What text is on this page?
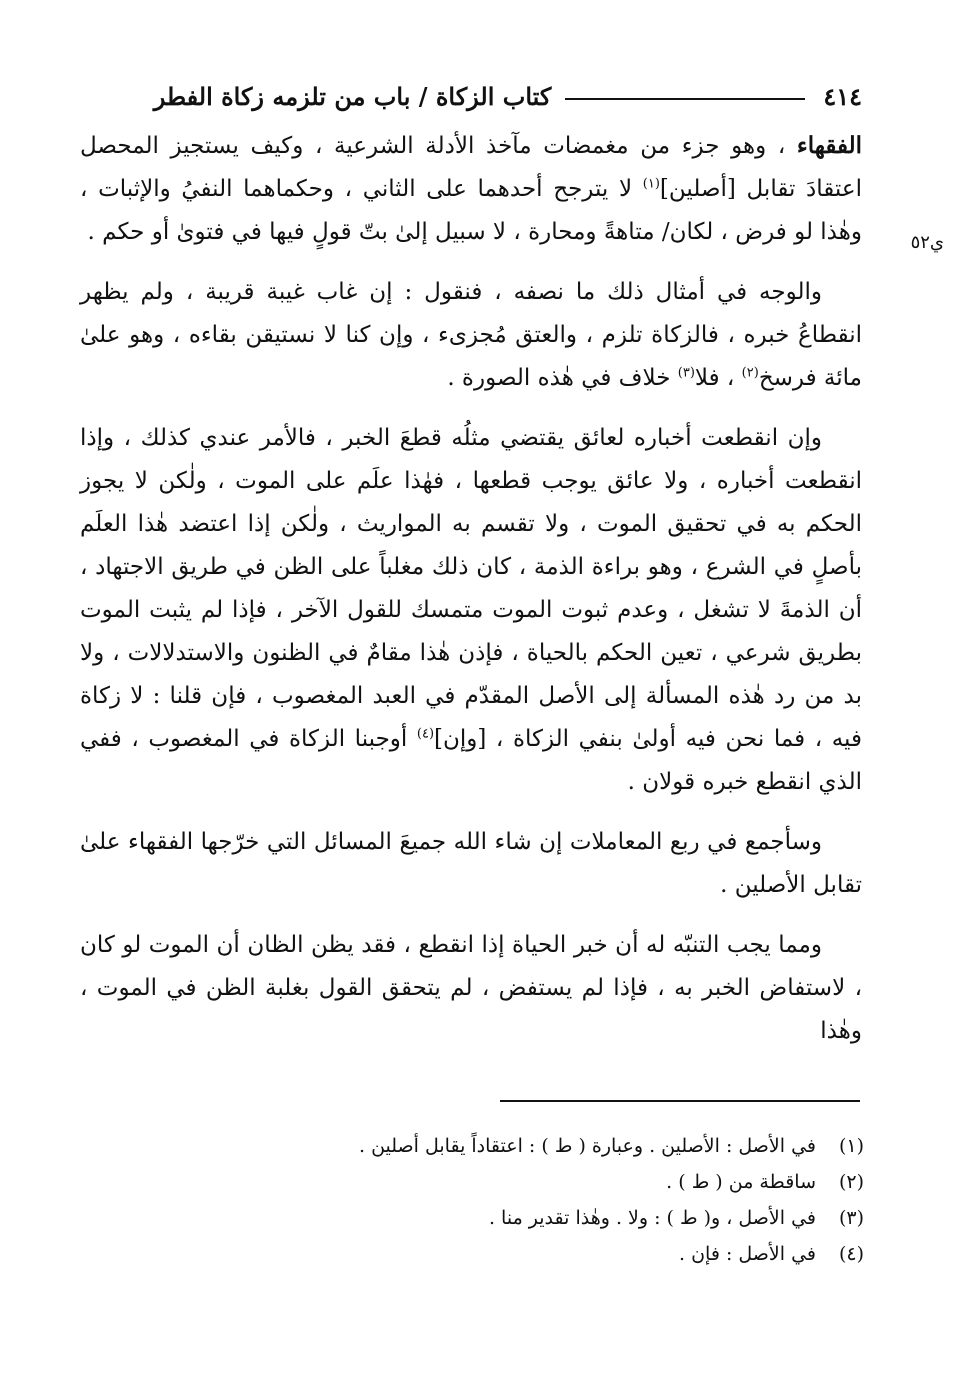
٤١٤
كتاب الزكاة / باب من تلزمه زكاة الفطر
ي٥٢

الفقهاء ، وهو جزء من مغمضات مآخذ الأدلة الشرعية ، وكيف يستجيز المحصل اعتقادَ تقابل [أصلين]$^{(١)}$ لا يترجح أحدهما على الثاني ، وحكماهما النفيُ والإثبات ، وهٰذا لو فرض ، لكان/ متاهةً ومحارة ، لا سبيل إلىٰ بتّ قولٍ فيها في فتوىٰ أو حكم .

والوجه في أمثال ذلك ما نصفه ، فنقول : إن غاب غيبة قريبة ، ولم يظهر انقطاعُ خبره ، فالزكاة تلزم ، والعتق مُجزىء ، وإن كنا لا نستيقن بقاءه ، وهو علىٰ مائة فرسخ$^{(٢)}$ ، فلا$^{(٣)}$ خلاف في هٰذه الصورة .

وإن انقطعت أخباره لعائق يقتضي مثلُه قطعَ الخبر ، فالأمر عندي كذلك ، وإذا انقطعت أخباره ، ولا عائق يوجب قطعها ، فهٰذا علَم على الموت ، ولٰكن لا يجوز الحكم به في تحقيق الموت ، ولا تقسم به المواريث ، ولٰكن إذا اعتضد هٰذا العلَم بأصلٍ في الشرع ، وهو براءة الذمة ، كان ذلك مغلباً على الظن في طريق الاجتهاد ، أن الذمةَ لا تشغل ، وعدم ثبوت الموت متمسك للقول الآخر ، فإذا لم يثبت الموت بطريق شرعي ، تعين الحكم بالحياة ، فإذن هٰذا مقامٌ في الظنون والاستدلالات ، ولا بد من رد هٰذه المسألة إلى الأصل المقدّم في العبد المغصوب ، فإن قلنا : لا زكاة فيه ، فما نحن فيه أولىٰ بنفي الزكاة ، [وإن]$^{(٤)}$ أوجبنا الزكاة في المغصوب ، ففي الذي انقطع خبره قولان .

وسأجمع في ربع المعاملات إن شاء الله جميعَ المسائل التي خرّجها الفقهاء علىٰ تقابل الأصلين .

ومما يجب التنبّه له أن خبر الحياة إذا انقطع ، فقد يظن الظان أن الموت لو كان ، لاستفاض الخبر به ، فإذا لم يستفض ، لم يتحقق القول بغلبة الظن في الموت ، وهٰذا

(١)
في الأصل : الأصلين . وعبارة ( ط ) : اعتقاداً يقابل أصلين .
(٢)
ساقطة من ( ط ) .
(٣)
في الأصل ، و( ط ) : ولا . وهٰذا تقدير منا .
(٤)
في الأصل : فإن .
